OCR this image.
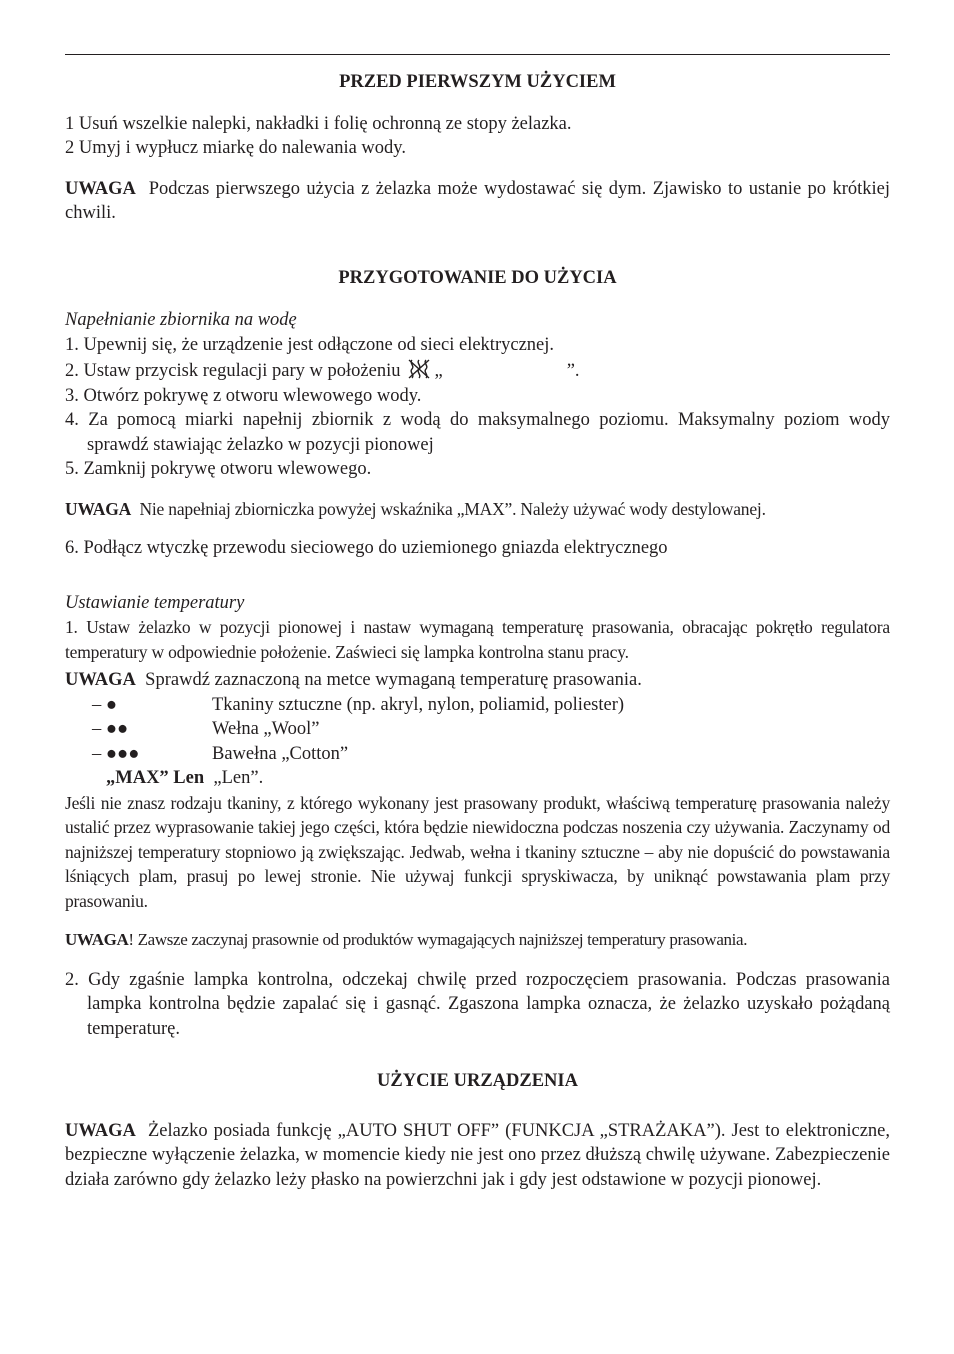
PRZED PIERWSZYM UŻYCIEM

1 Usuń wszelkie nalepki, nakładki i folię ochronną ze stopy żelazka.

2 Umyj i wypłucz miarkę do nalewania wody.

UWAGA Podczas pierwszego użycia z żelazka może wydostawać się dym. Zjawisko to ustanie po krótkiej chwili.

PRZYGOTOWANIE DO UŻYCIA

Napełnianie zbiornika na wodę

1. Upewnij się, że urządzenie jest odłączone od sieci elektrycznej.

2. Ustaw przycisk regulacji pary w położeniu „	”.

3. Otwórz pokrywę z otworu wlewowego wody.

4. Za pomocą miarki napełnij zbiornik z wodą do maksymalnego poziomu. Maksymalny poziom wody sprawdź stawiając żelazko w pozycji pionowej

5. Zamknij pokrywę otworu wlewowego.

UWAGA Nie napełniaj zbiorniczka powyżej wskaźnika „MAX”. Należy używać wody destylowanej.

6. Podłącz wtyczkę przewodu sieciowego do uziemionego gniazda elektrycznego

Ustawianie temperatury

1. Ustaw żelazko w pozycji pionowej i nastaw wymaganą temperaturę prasowania, obracając pokrętło regulatora temperatury w odpowiednie położenie. Zaświeci się lampka kontrolna stanu pracy.

UWAGA Sprawdź zaznaczoną na metce wymaganą temperaturę prasowania.

– ●	Tkaniny sztuczne (np. akryl, nylon, poliamid, poliester)
– ●●	Wełna „Wool”
– ●●●	Bawełna „Cotton”

„MAX” Len „Len”.

Jeśli nie znasz rodzaju tkaniny, z którego wykonany jest prasowany produkt, właściwą temperaturę prasowania należy ustalić przez wyprasowanie takiej jego części, która będzie niewidoczna podczas noszenia czy używania. Zaczynamy od najniższej temperatury stopniowo ją zwiększając. Jedwab, wełna i tkaniny sztuczne – aby nie dopuścić do powstawania lśniących plam, prasuj po lewej stronie. Nie używaj funkcji spryskiwacza, by uniknąć powstawania plam przy prasowaniu.

UWAGA! Zawsze zaczynaj prasownie od produktów wymagających najniższej temperatury prasowania.

2. Gdy zgaśnie lampka kontrolna, odczekaj chwilę przed rozpoczęciem prasowania. Podczas prasowania lampka kontrolna będzie zapalać się i gasnąć. Zgaszona lampka oznacza, że żelazko uzyskało pożądaną temperaturę.

UŻYCIE URZĄDZENIA

UWAGA Żelazko posiada funkcję „AUTO SHUT OFF” (FUNKCJA „STRAŻAKA”). Jest to elektroniczne, bezpieczne wyłączenie żelazka, w momencie kiedy nie jest ono przez dłuższą chwilę używane. Zabezpieczenie działa zarówno gdy żelazko leży płasko na powierzchni jak i gdy jest odstawione w pozycji pionowej.
